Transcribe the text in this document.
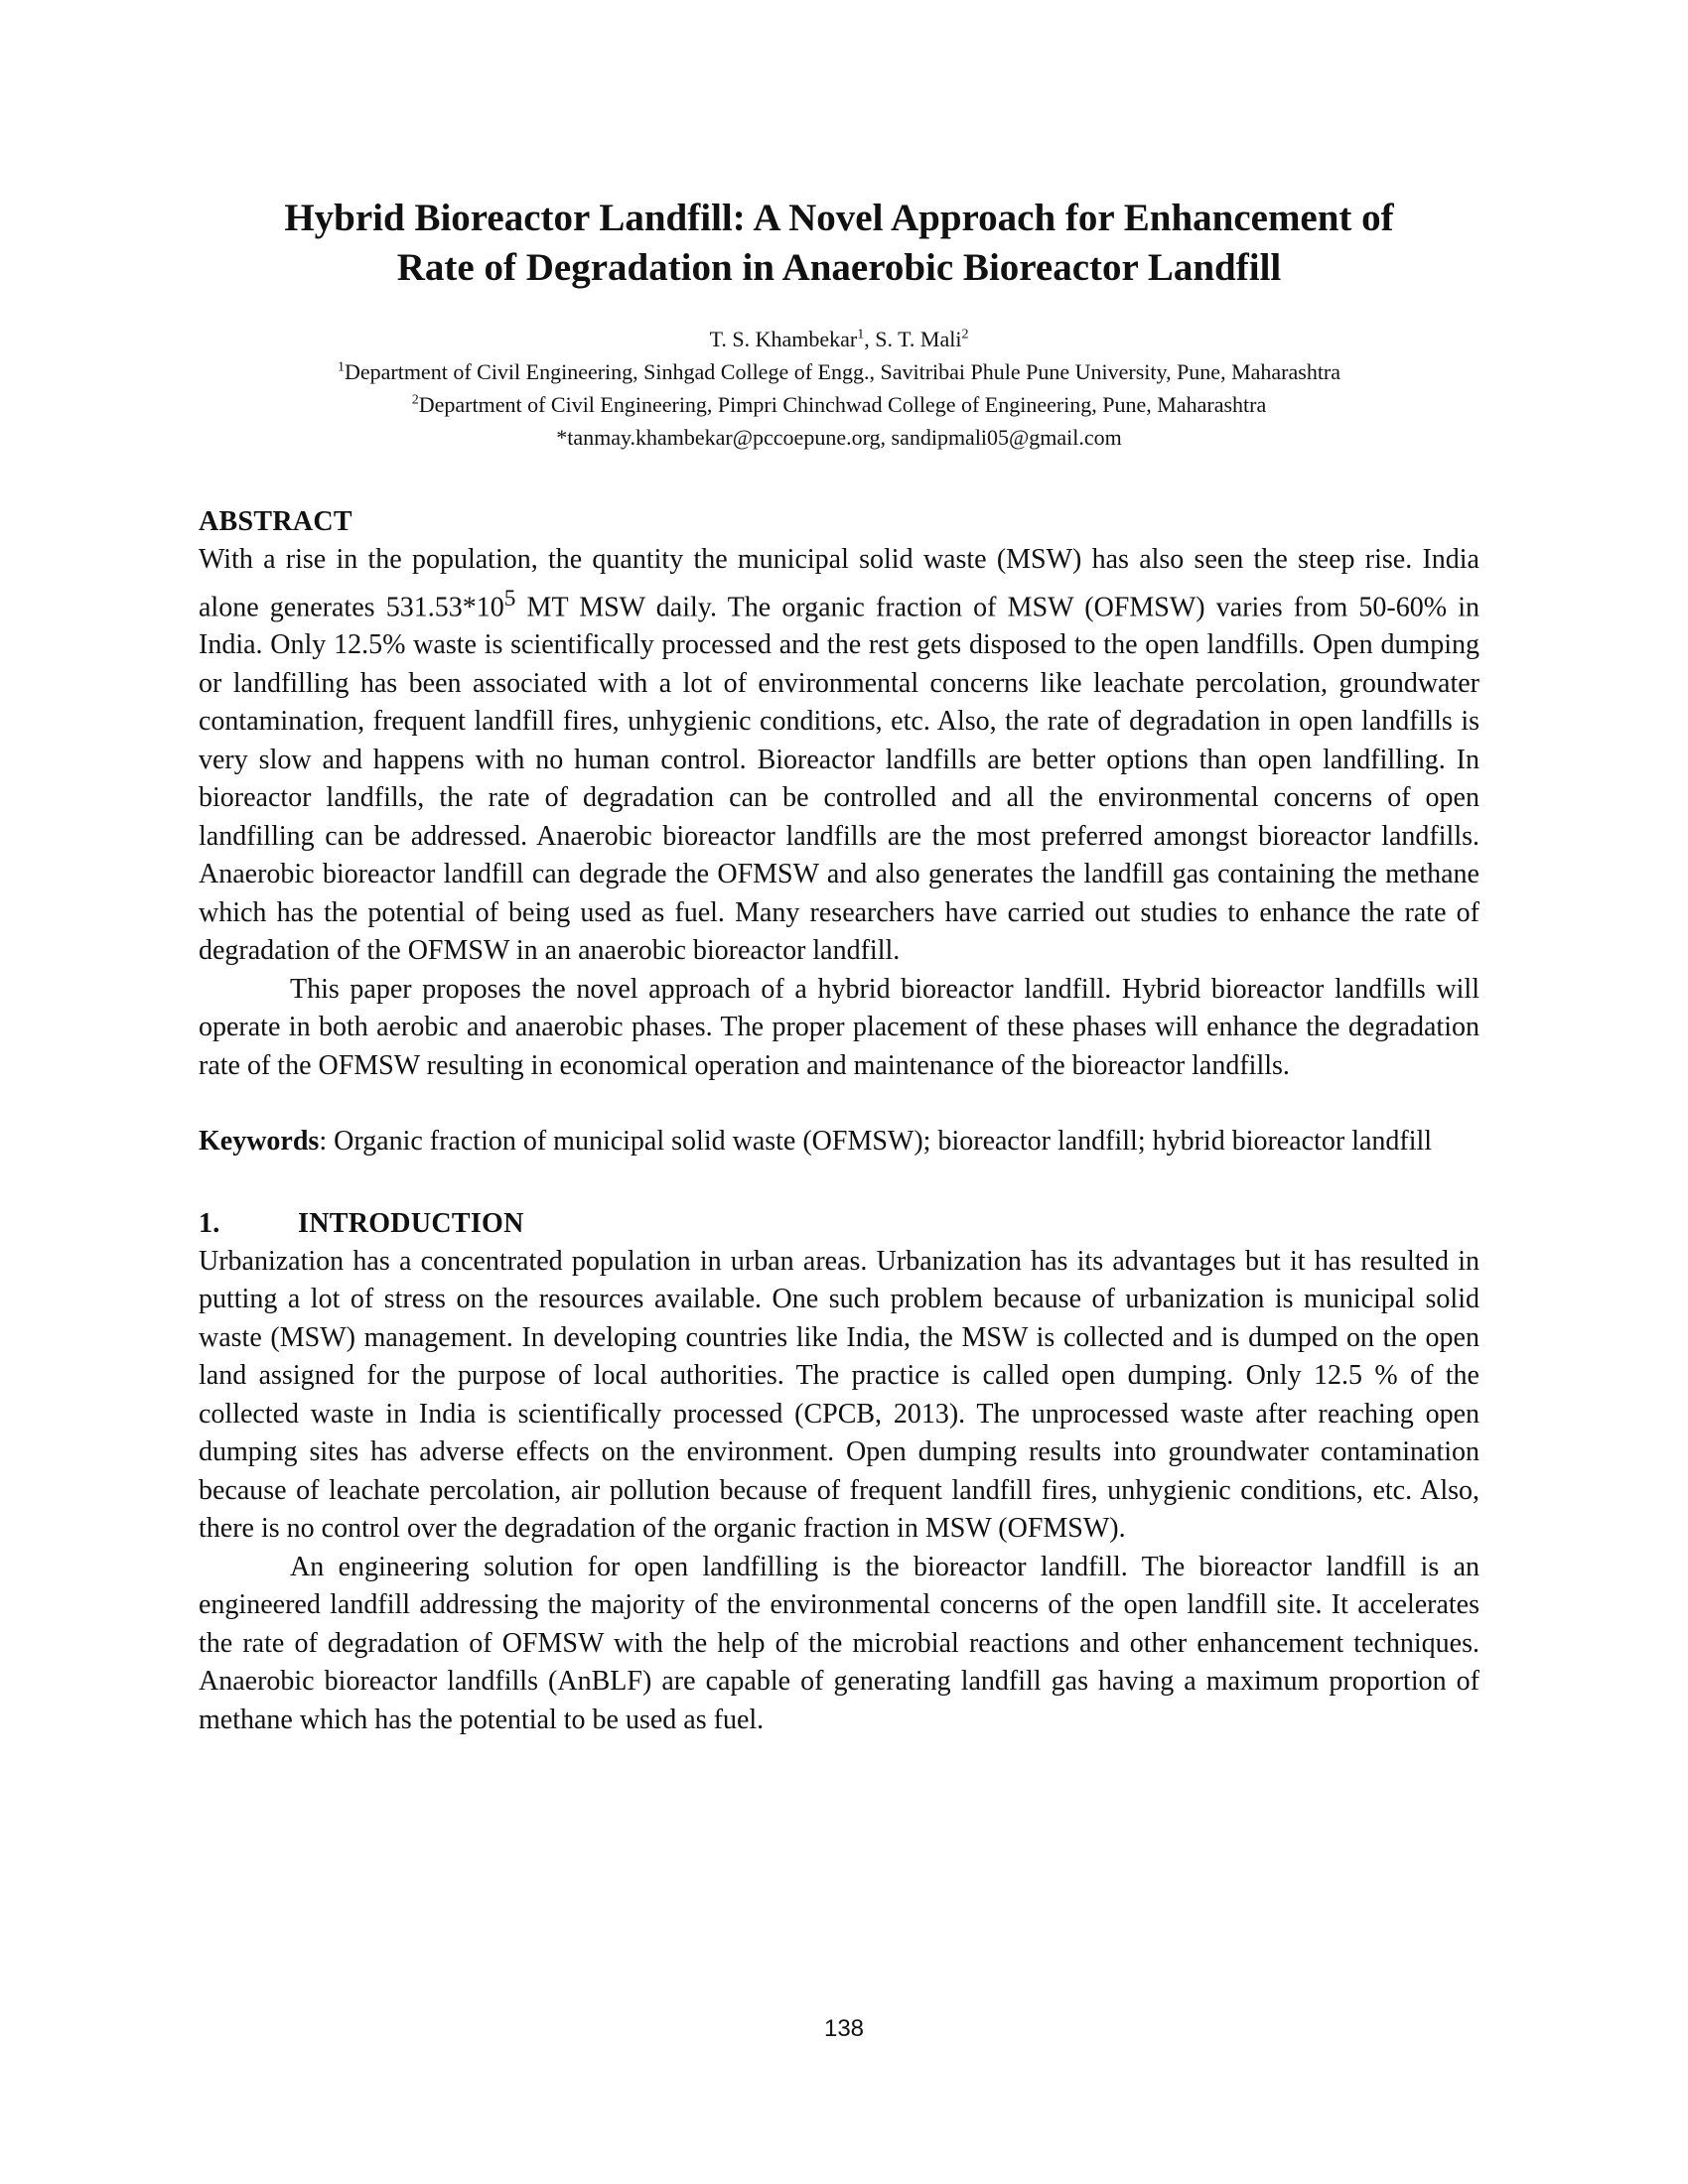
Hybrid Bioreactor Landfill: A Novel Approach for Enhancement of
Rate of Degradation in Anaerobic Bioreactor Landfill
T. S. Khambekar$^1$, S. T. Mali$^2$
$^1$Department of Civil Engineering, Sinhgad College of Engg., Savitribai Phule Pune University, Pune, Maharashtra
$^2$Department of Civil Engineering, Pimpri Chinchwad College of Engineering, Pune, Maharashtra
*tanmay.khambekar@pccoepune.org, sandipmali05@gmail.com
ABSTRACT

With a rise in the population, the quantity the municipal solid waste (MSW) has also seen the steep rise. India alone generates $531.53*10^5$ MT MSW daily. The organic fraction of MSW (OFMSW) varies from 50-60% in India. Only 12.5% waste is scientifically processed and the rest gets disposed to the open landfills. Open dumping or landfilling has been associated with a lot of environmental concerns like leachate percolation, groundwater contamination, frequent landfill fires, unhygienic conditions, etc. Also, the rate of degradation in open landfills is very slow and happens with no human control. Bioreactor landfills are better options than open landfilling. In bioreactor landfills, the rate of degradation can be controlled and all the environmental concerns of open landfilling can be addressed. Anaerobic bioreactor landfills are the most preferred amongst bioreactor landfills. Anaerobic bioreactor landfill can degrade the OFMSW and also generates the landfill gas containing the methane which has the potential of being used as fuel. Many researchers have carried out studies to enhance the rate of degradation of the OFMSW in an anaerobic bioreactor landfill.

This paper proposes the novel approach of a hybrid bioreactor landfill. Hybrid bioreactor landfills will operate in both aerobic and anaerobic phases. The proper placement of these phases will enhance the degradation rate of the OFMSW resulting in economical operation and maintenance of the bioreactor landfills.

Keywords: Organic fraction of municipal solid waste (OFMSW); bioreactor landfill; hybrid bioreactor landfill

1.	INTRODUCTION

Urbanization has a concentrated population in urban areas. Urbanization has its advantages but it has resulted in putting a lot of stress on the resources available. One such problem because of urbanization is municipal solid waste (MSW) management. In developing countries like India, the MSW is collected and is dumped on the open land assigned for the purpose of local authorities. The practice is called open dumping. Only 12.5 % of the collected waste in India is scientifically processed (CPCB, 2013). The unprocessed waste after reaching open dumping sites has adverse effects on the environment. Open dumping results into groundwater contamination because of leachate percolation, air pollution because of frequent landfill fires, unhygienic conditions, etc. Also, there is no control over the degradation of the organic fraction in MSW (OFMSW).

An engineering solution for open landfilling is the bioreactor landfill. The bioreactor landfill is an engineered landfill addressing the majority of the environmental concerns of the open landfill site. It accelerates the rate of degradation of OFMSW with the help of the microbial reactions and other enhancement techniques. Anaerobic bioreactor landfills (AnBLF) are capable of generating landfill gas having a maximum proportion of methane which has the potential to be used as fuel.

138
